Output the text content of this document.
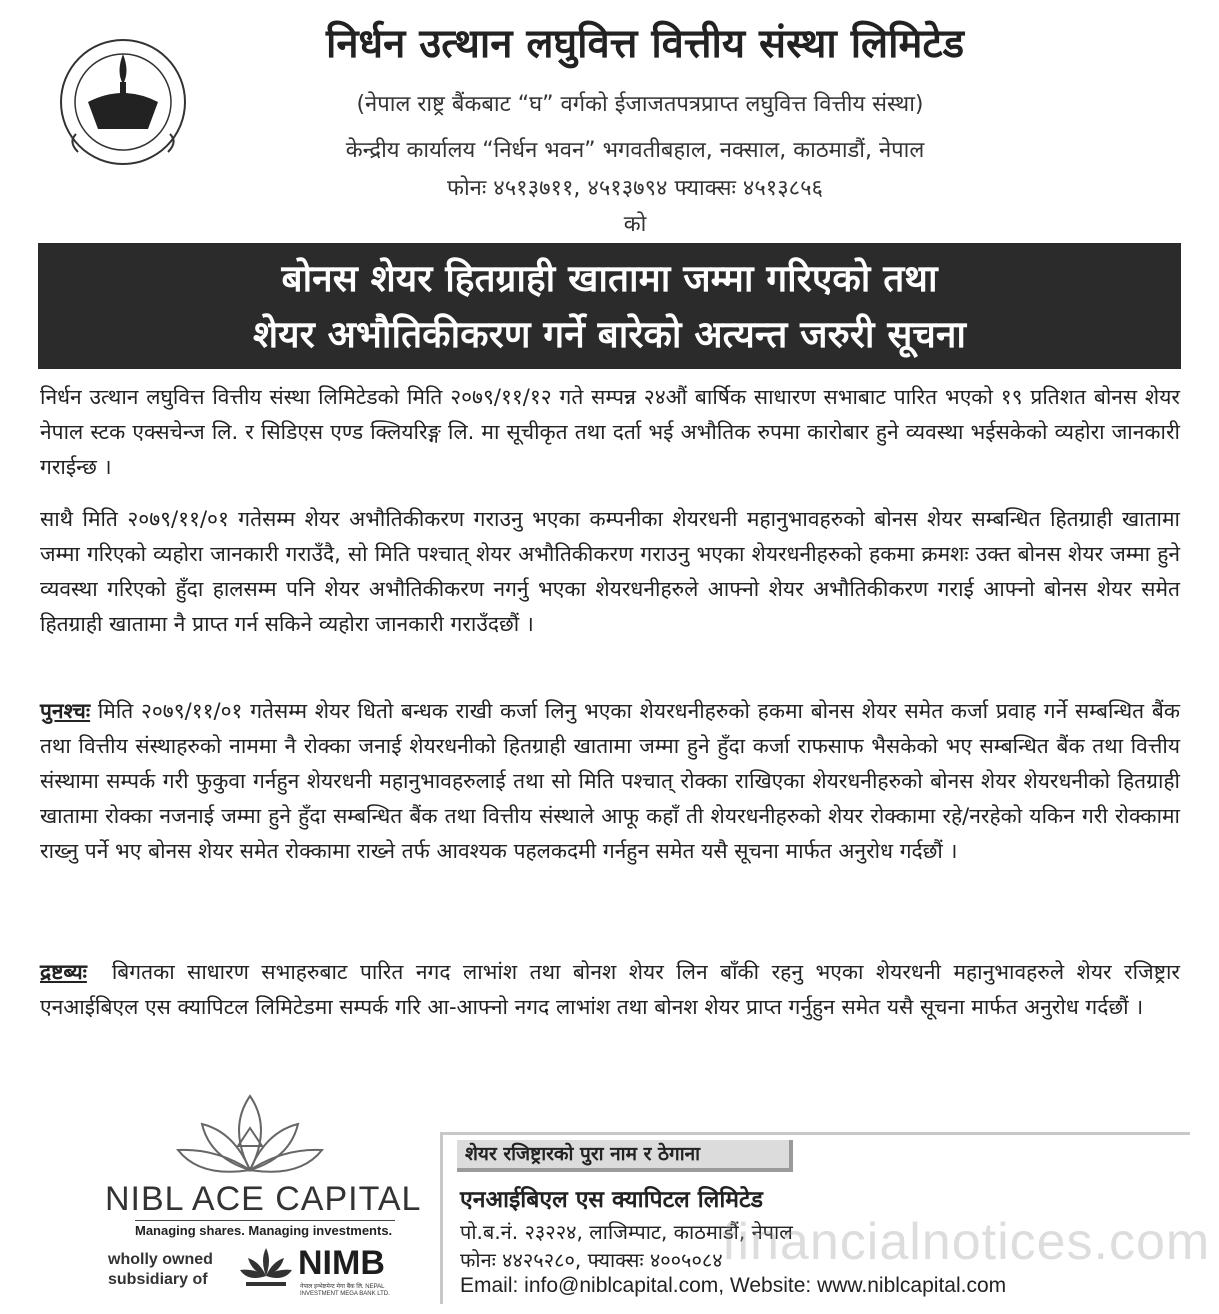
निर्धन उत्थान लघुवित्त वित्तीय संस्था लिमिटेड
(नेपाल राष्ट्र बैंकबाट “घ” वर्गको ईजाजतपत्रप्राप्त लघुवित्त वित्तीय संस्था)
केन्द्रीय कार्यालय “निर्धन भवन” भगवतीबहाल, नक्साल, काठमाडौं, नेपाल
फोनः ४५१३७११, ४५१३७९४ फ्याक्सः ४५१३८५६
को
बोनस शेयर हितग्राही खातामा जम्मा गरिएको तथा
शेयर अभौतिकीकरण गर्ने बारेको अत्यन्त जरुरी सूचना
निर्धन उत्थान लघुवित्त वित्तीय संस्था लिमिटेडको मिति २०७९/११/१२ गते सम्पन्न २४औं बार्षिक साधारण सभाबाट पारित भएको १९ प्रतिशत बोनस शेयर नेपाल स्टक एक्सचेन्ज लि. र सिडिएस एण्ड क्लियरिङ्ग लि. मा सूचीकृत तथा दर्ता भई अभौतिक रुपमा कारोबार हुने व्यवस्था भईसकेको व्यहोरा जानकारी गराईन्छ ।
साथै मिति २०७९/११/०१ गतेसम्म शेयर अभौतिकीकरण गराउनु भएका कम्पनीका शेयरधनी महानुभावहरुको बोनस शेयर सम्बन्धित हितग्राही खातामा जम्मा गरिएको व्यहोरा जानकारी गराउँदै, सो मिति पश्चात् शेयर अभौतिकीकरण गराउनु भएका शेयरधनीहरुको हकमा क्रमशः उक्त बोनस शेयर जम्मा हुने व्यवस्था गरिएको हुँदा हालसम्म पनि शेयर अभौतिकीकरण नगर्नु भएका शेयरधनीहरुले आफ्नो शेयर अभौतिकीकरण गराई आफ्नो बोनस शेयर समेत हितग्राही खातामा नै प्राप्त गर्न सकिने व्यहोरा जानकारी गराउँदछौं ।
पुनश्चः मिति २०७९/११/०१ गतेसम्म शेयर धितो बन्धक राखी कर्जा लिनु भएका शेयरधनीहरुको हकमा बोनस शेयर समेत कर्जा प्रवाह गर्ने सम्बन्धित बैंक तथा वित्तीय संस्थाहरुको नाममा नै रोक्का जनाई शेयरधनीको हितग्राही खातामा जम्मा हुने हुँदा कर्जा राफसाफ भैसकेको भए सम्बन्धित बैंक तथा वित्तीय संस्थामा सम्पर्क गरी फुकुवा गर्नहुन शेयरधनी महानुभावहरुलाई तथा सो मिति पश्चात् रोक्का राखिएका शेयरधनीहरुको बोनस शेयर शेयरधनीको हितग्राही खातामा रोक्का नजनाई जम्मा हुने हुँदा सम्बन्धित बैंक तथा वित्तीय संस्थाले आफू कहाँ ती शेयरधनीहरुको शेयर रोक्कामा रहे/नरहेको यकिन गरी रोक्कामा राख्नु पर्ने भए बोनस शेयर समेत रोक्कामा राख्ने तर्फ आवश्यक पहलकदमी गर्नहुन समेत यसै सूचना मार्फत अनुरोध गर्दछौं ।
द्रष्टब्यः बिगतका साधारण सभाहरुबाट पारित नगद लाभांश तथा बोनश शेयर लिन बाँकी रहनु भएका शेयरधनी महानुभावहरुले शेयर रजिष्ट्रार एनआईबिएल एस क्यापिटल लिमिटेडमा सम्पर्क गरि आ-आफ्नो नगद लाभांश तथा बोनश शेयर प्राप्त गर्नुहुन समेत यसै सूचना मार्फत अनुरोध गर्दछौं ।
NIBL ACE CAPITAL
Managing shares. Managing investments.
wholly owned subsidiary of	NIMB
नेपाल इन्भेष्टमेन्ट मेगा बैंक लि. NEPAL INVESTMENT MEGA BANK LTD.
शेयर रजिष्ट्रारको पुरा नाम र ठेगाना
एनआईबिएल एस क्यापिटल लिमिटेड
पो.ब.नं. २३२२४, लाजिम्पाट, काठमाडौं, नेपाल
फोनः ४४२५२८०, फ्याक्सः ४००५०८४
Email: info@niblcapital.com, Website: www.niblcapital.com
financialnotices.com
